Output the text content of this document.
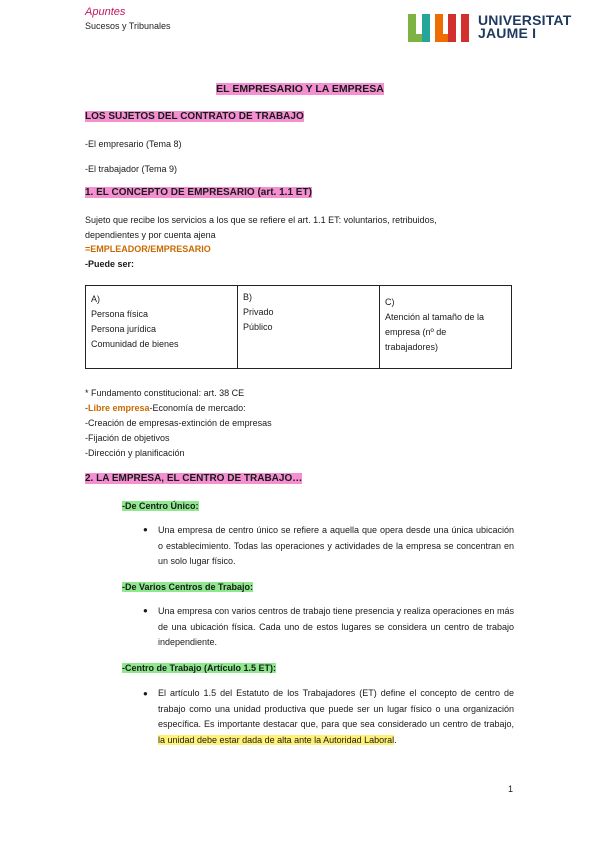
Apuntes
Sucesos y Tribunales	UNIVERSITAT
JAUME I
EL EMPRESARIO Y LA EMPRESA
LOS SUJETOS DEL CONTRATO DE TRABAJO
-El empresario (Tema 8)
-El trabajador (Tema 9)
1. EL CONCEPTO DE EMPRESARIO (art. 1.1 ET)
Sujeto que recibe los servicios a los que se refiere el art. 1.1 ET: voluntarios, retribuidos,
dependientes y por cuenta ajena
=EMPLEADOR/EMPRESARIO
-Puede ser:
A)
Persona física
Persona jurídica
Comunidad de bienes

B)
Privado
Público

C)
Atención al tamaño de la
empresa (nº de
trabajadores)
* Fundamento constitucional: art. 38 CE
-Libre empresa-Economía de mercado:
-Creación de empresas-extinción de empresas
-Fijación de objetivos
-Dirección y planificación
2. LA EMPRESA, EL CENTRO DE TRABAJO…
-De Centro Único:
● Una empresa de centro único se refiere a aquella que opera desde una única ubicación o establecimiento. Todas las operaciones y actividades de la empresa se concentran en un solo lugar físico.
-De Varios Centros de Trabajo:
● Una empresa con varios centros de trabajo tiene presencia y realiza operaciones en más de una ubicación física. Cada uno de estos lugares se considera un centro de trabajo independiente.
-Centro de Trabajo (Artículo 1.5 ET):
● El artículo 1.5 del Estatuto de los Trabajadores (ET) define el concepto de centro de trabajo como una unidad productiva que puede ser un lugar físico o una organización específica. Es importante destacar que, para que sea considerado un centro de trabajo, la unidad debe estar dada de alta ante la Autoridad Laboral.
1
